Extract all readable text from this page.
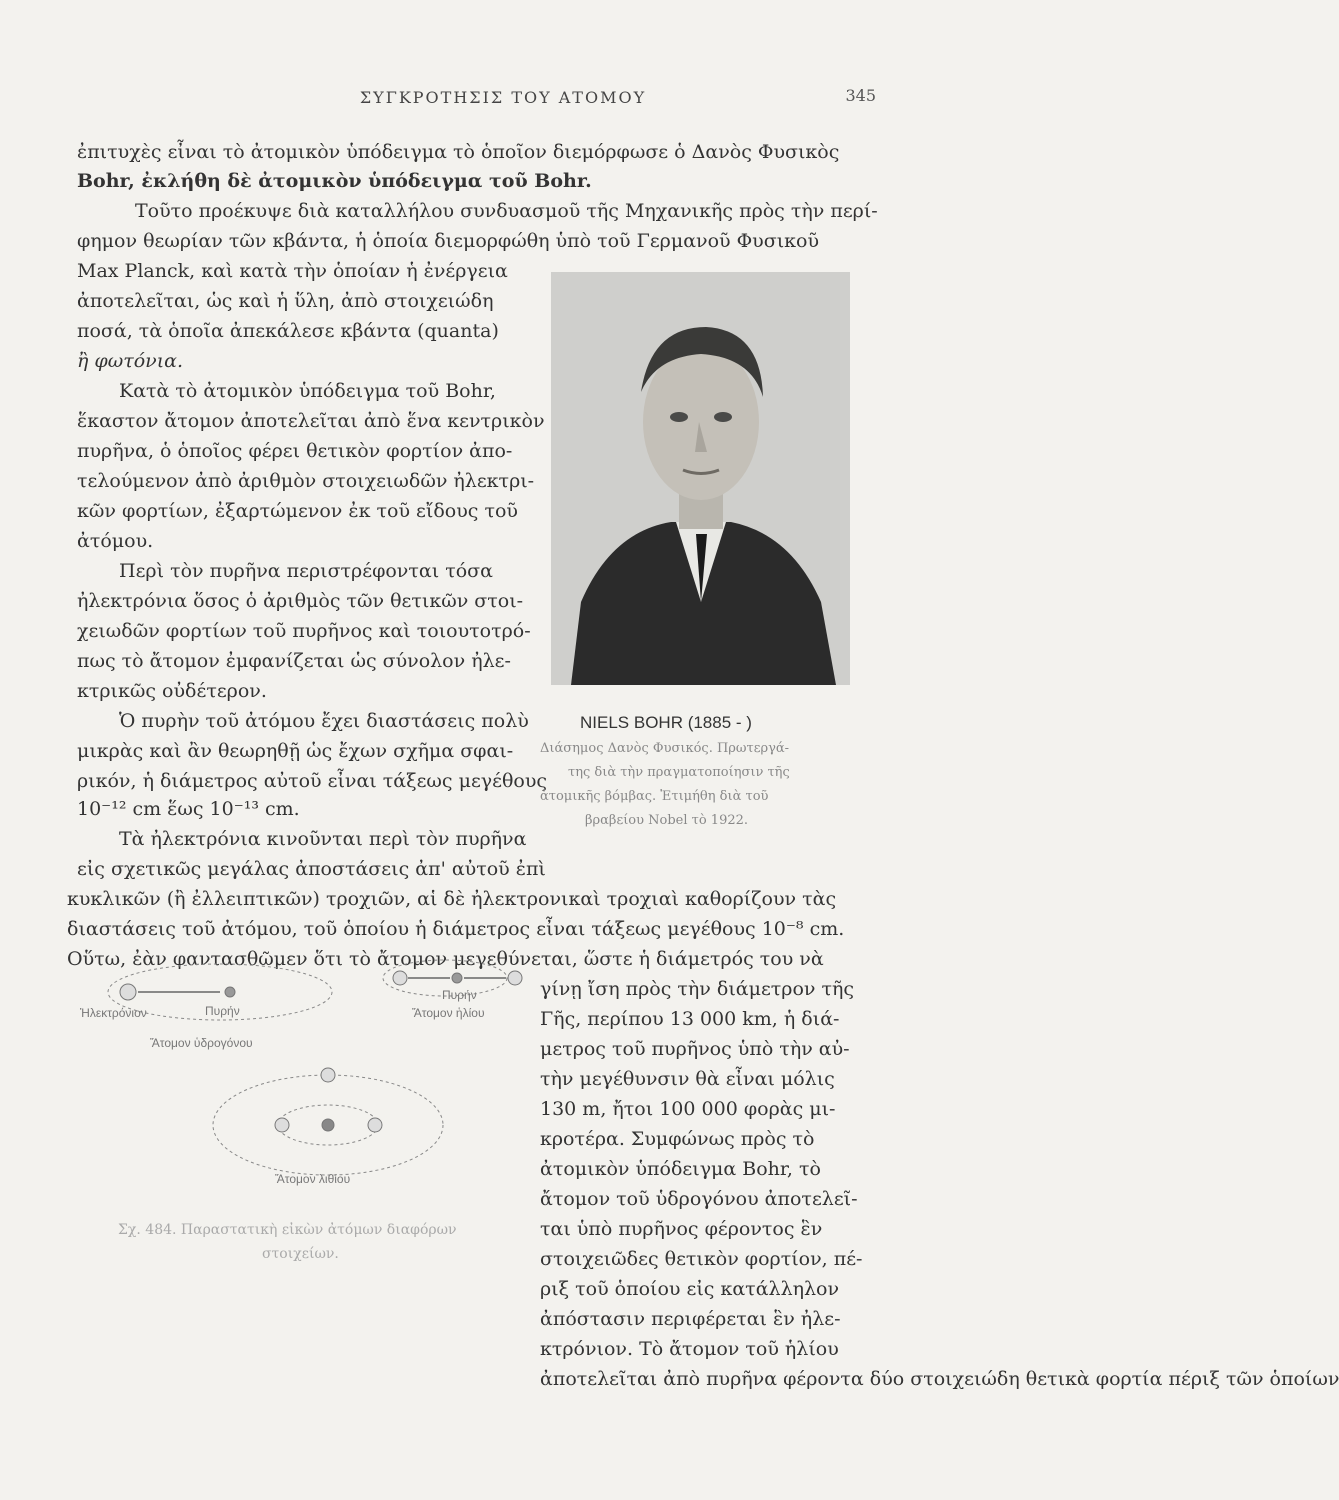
ΣΥΓΚΡΟΤΗΣΙΣ ΤΟΥ ΑΤΟΜΟΥ	345
ἐπιτυχὲς εἶναι τὸ ἀτομικὸν ὑπόδειγμα τὸ ὁποῖον διεμόρφωσε ὁ Δανὸς Φυσικὸς
Bohr, ἐκλήθη δὲ ἀτομικὸν ὑπόδειγμα τοῦ Bohr.
Τοῦτο προέκυψε διὰ καταλλήλου συνδυασμοῦ τῆς Μηχανικῆς πρὸς τὴν περί-
φημον θεωρίαν τῶν κβάντα, ἡ ὁποία διεμορφώθη ὑπὸ τοῦ Γερμανοῦ Φυσικοῦ
Max Planck, καὶ κατὰ τὴν ὁποίαν ἡ ἐνέργεια
ἀποτελεῖται, ὡς καὶ ἡ ὕλη, ἀπὸ στοιχειώδη
ποσά, τὰ ὁποῖα ἀπεκάλεσε κβάντα (quanta)
ἢ φωτόνια.
Κατὰ τὸ ἀτομικὸν ὑπόδειγμα τοῦ Bohr,
ἕκαστον ἄτομον ἀποτελεῖται ἀπὸ ἕνα κεντρικὸν
πυρῆνα, ὁ ὁποῖος φέρει θετικὸν φορτίον ἀπο-
τελούμενον ἀπὸ ἀριθμὸν στοιχειωδῶν ἠλεκτρι-
κῶν φορτίων, ἐξαρτώμενον ἐκ τοῦ εἴδους τοῦ
ἀτόμου.
Περὶ τὸν πυρῆνα περιστρέφονται τόσα
ἠλεκτρόνια ὅσος ὁ ἀριθμὸς τῶν θετικῶν στοι-
χειωδῶν φορτίων τοῦ πυρῆνος καὶ τοιουτοτρό-
πως τὸ ἄτομον ἐμφανίζεται ὡς σύνολον ἠλε-
κτρικῶς οὐδέτερον.
Ὁ πυρὴν τοῦ ἀτόμου ἔχει διαστάσεις πολὺ
μικρὰς καὶ ἂν θεωρηθῇ ὡς ἔχων σχῆμα σφαι-
ρικόν, ἡ διάμετρος αὐτοῦ εἶναι τάξεως μεγέθους
10⁻¹² cm ἕως 10⁻¹³ cm.
Τὰ ἠλεκτρόνια κινοῦνται περὶ τὸν πυρῆνα
εἰς σχετικῶς μεγάλας ἀποστάσεις ἀπ' αὐτοῦ ἐπὶ
κυκλικῶν (ἢ ἐλλειπτικῶν) τροχιῶν, αἱ δὲ ἠλεκτρονικαὶ τροχιαὶ καθορίζουν τὰς
διαστάσεις τοῦ ἀτόμου, τοῦ ὁποίου ἡ διάμετρος εἶναι τάξεως μεγέθους 10⁻⁸ cm.
Οὕτω, ἐὰν φαντασθῶμεν ὅτι τὸ ἄτομον μεγεθύνεται, ὥστε ἡ διάμετρός του νὰ
γίνῃ ἴση πρὸς τὴν διάμετρον τῆς
Γῆς, περίπου 13 000 km, ἡ διά-
μετρος τοῦ πυρῆνος ὑπὸ τὴν αὐ-
τὴν μεγέθυνσιν θὰ εἶναι μόλις
130 m, ἤτοι 100 000 φορὰς μι-
κροτέρα. Συμφώνως πρὸς τὸ
ἀτομικὸν ὑπόδειγμα Bohr, τὸ
ἄτομον τοῦ ὑδρογόνου ἀποτελεῖ-
ται ὑπὸ πυρῆνος φέροντος ἓν
στοιχειῶδες θετικὸν φορτίον, πέ-
ριξ τοῦ ὁποίου εἰς κατάλληλον
ἀπόστασιν περιφέρεται ἓν ἠλε-
κτρόνιον. Τὸ ἄτομον τοῦ ἡλίου
ἀποτελεῖται ἀπὸ πυρῆνα φέροντα δύο στοιχειώδη θετικὰ φορτία πέριξ τῶν ὁποίων
NIELS BOHR (1885 - )
Διάσημος Δανὸς Φυσικός. Πρωτεργά-
της διὰ τὴν πραγματοποίησιν τῆς
ἀτομικῆς βόμβας. Ἐτιμήθη διὰ τοῦ
βραβείου Nobel τὸ 1922.
Ἠλεκτρόνιον	Πυρήν
Ἄτομον ὑδρογόνου
Πυρήν
Ἄτομον ἡλίου
Ἄτομον λιθίου
Σχ. 484. Παραστατικὴ εἰκὼν ἀτόμων διαφόρων
στοιχείων.
